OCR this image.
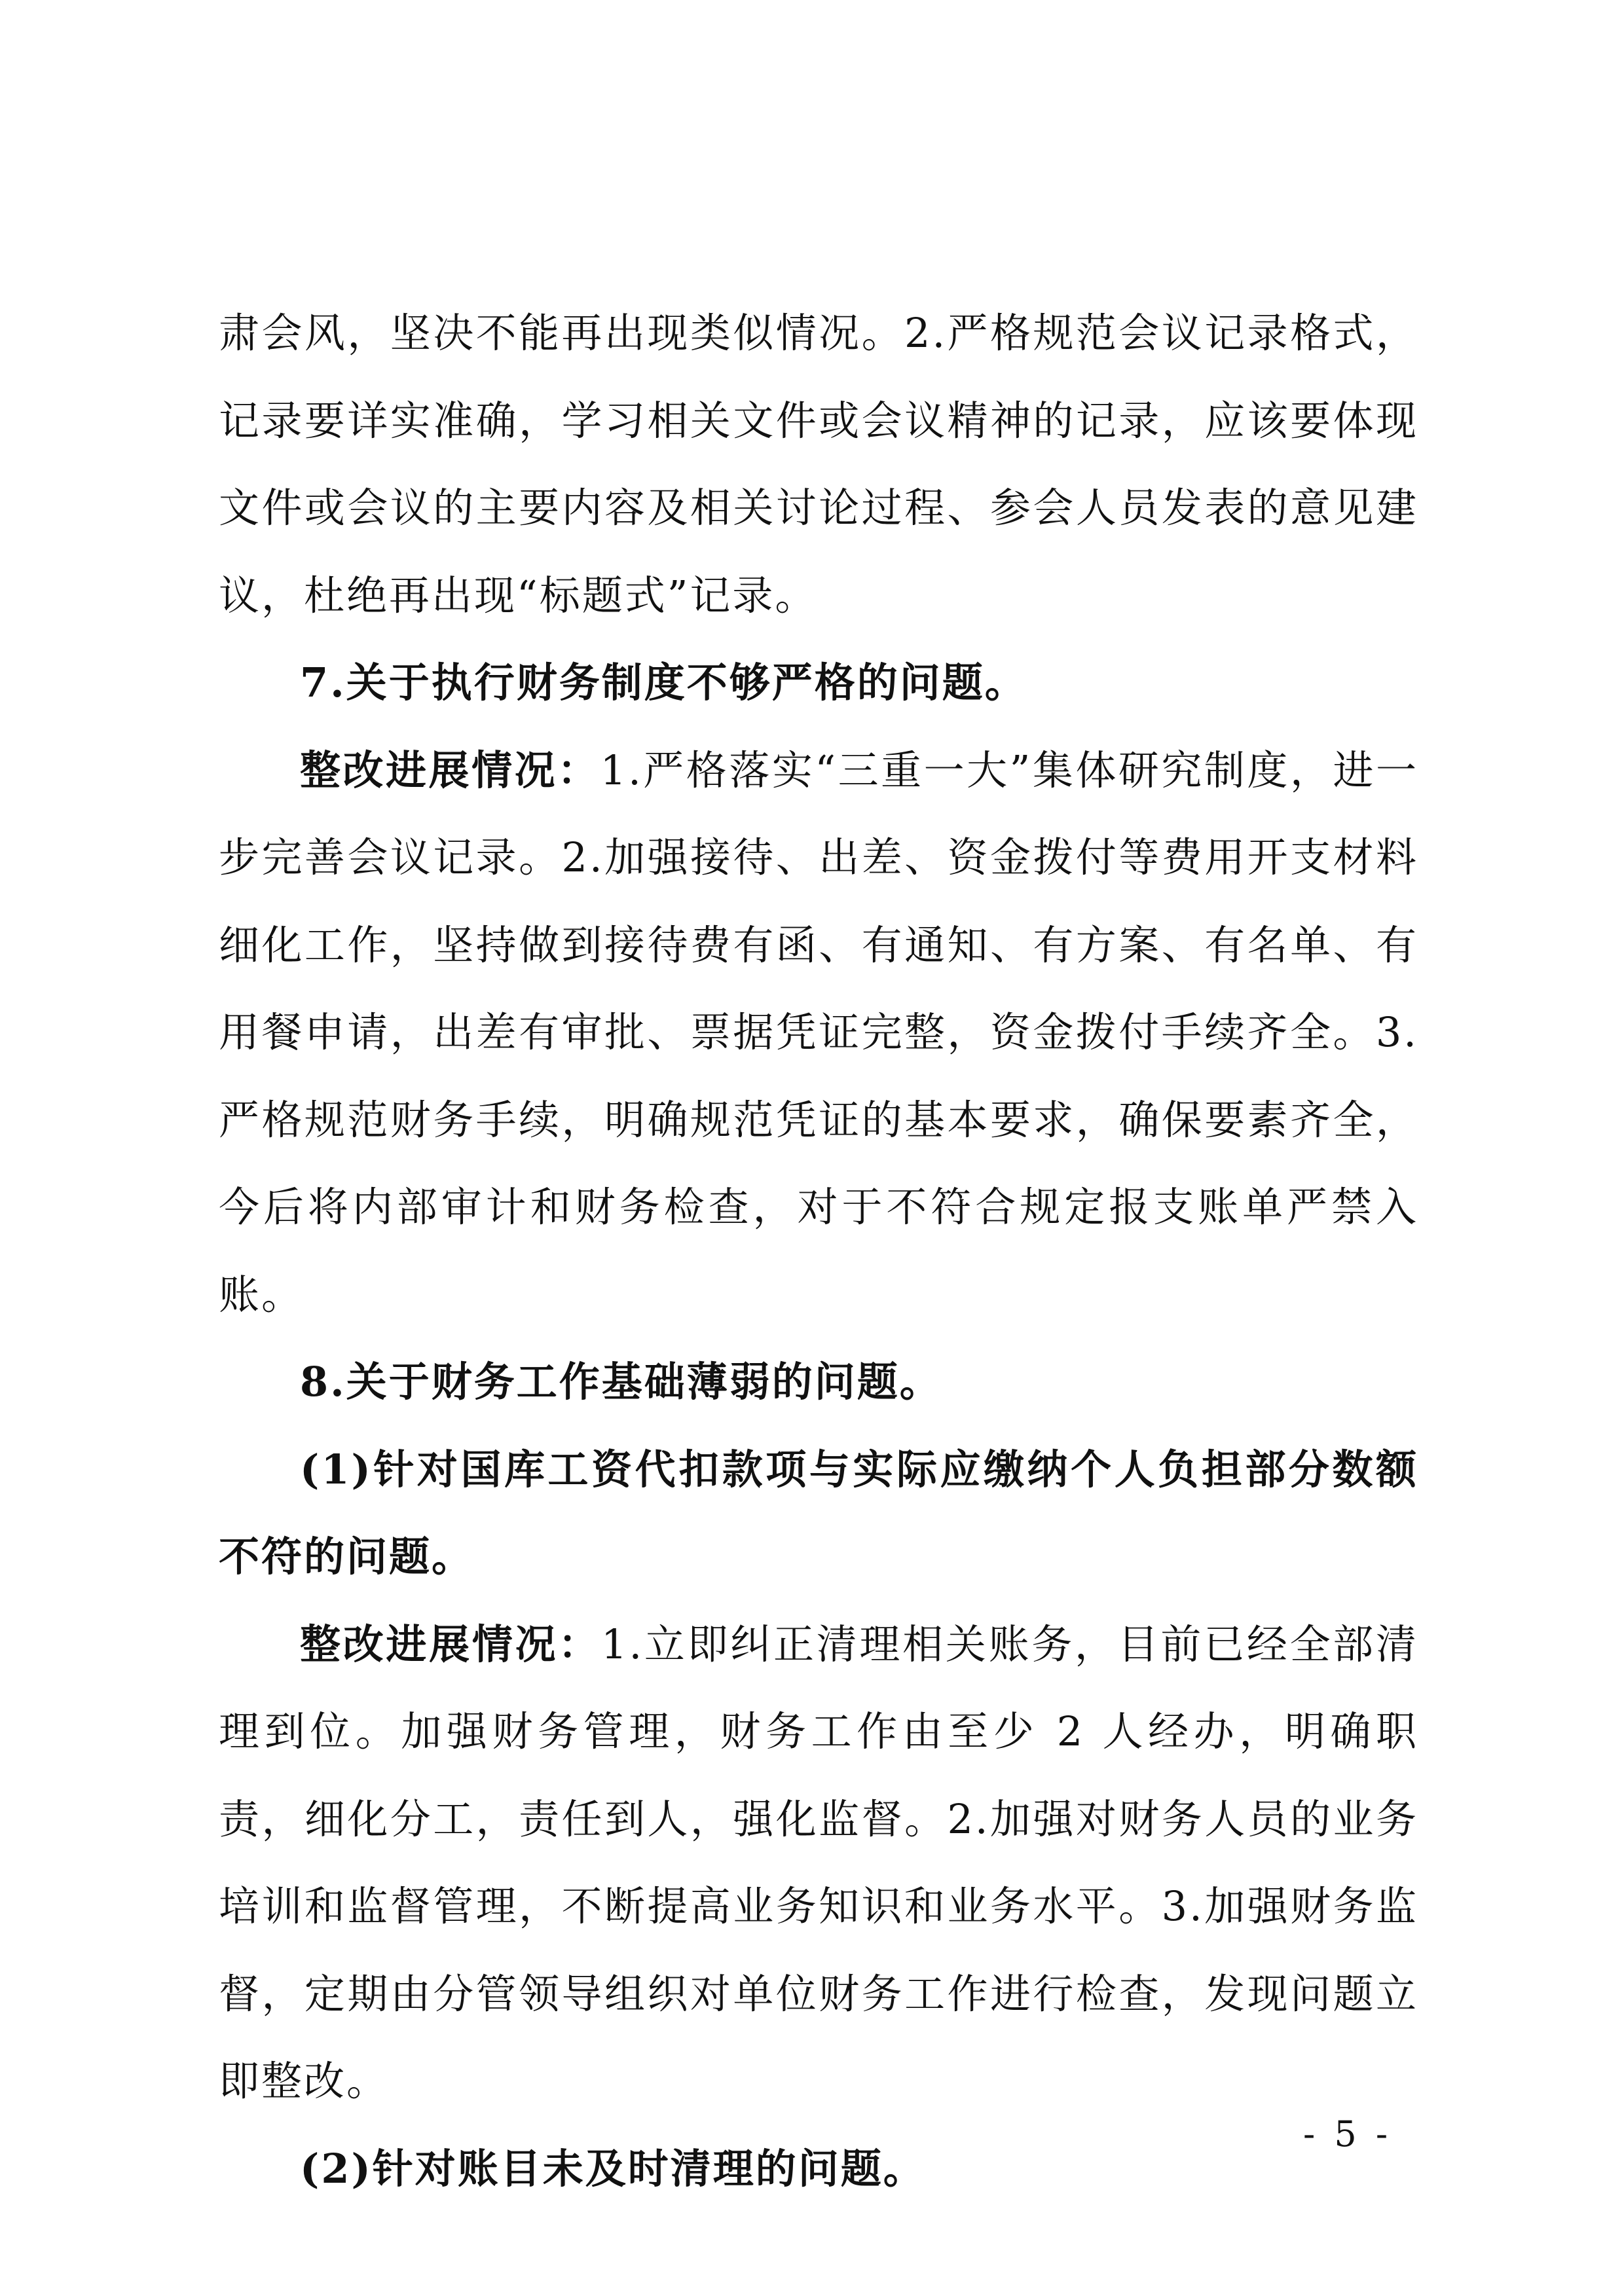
肃会风，坚决不能再出现类似情况。2.严格规范会议记录格式，记录要详实准确，学习相关文件或会议精神的记录，应该要体现文件或会议的主要内容及相关讨论过程、参会人员发表的意见建议，杜绝再出现“标题式”记录。

7.关于执行财务制度不够严格的问题。

整改进展情况：1.严格落实“三重一大”集体研究制度，进一步完善会议记录。2.加强接待、出差、资金拨付等费用开支材料细化工作，坚持做到接待费有函、有通知、有方案、有名单、有用餐申请，出差有审批、票据凭证完整，资金拨付手续齐全。3.严格规范财务手续，明确规范凭证的基本要求，确保要素齐全，今后将内部审计和财务检查，对于不符合规定报支账单严禁入账。

8.关于财务工作基础薄弱的问题。

(1)针对国库工资代扣款项与实际应缴纳个人负担部分数额不符的问题。

整改进展情况：1.立即纠正清理相关账务，目前已经全部清理到位。加强财务管理，财务工作由至少 2 人经办，明确职责，细化分工，责任到人，强化监督。2.加强对财务人员的业务培训和监督管理，不断提高业务知识和业务水平。3.加强财务监督，定期由分管领导组织对单位财务工作进行检查，发现问题立即整改。

(2)针对账目未及时清理的问题。

- 5 -
